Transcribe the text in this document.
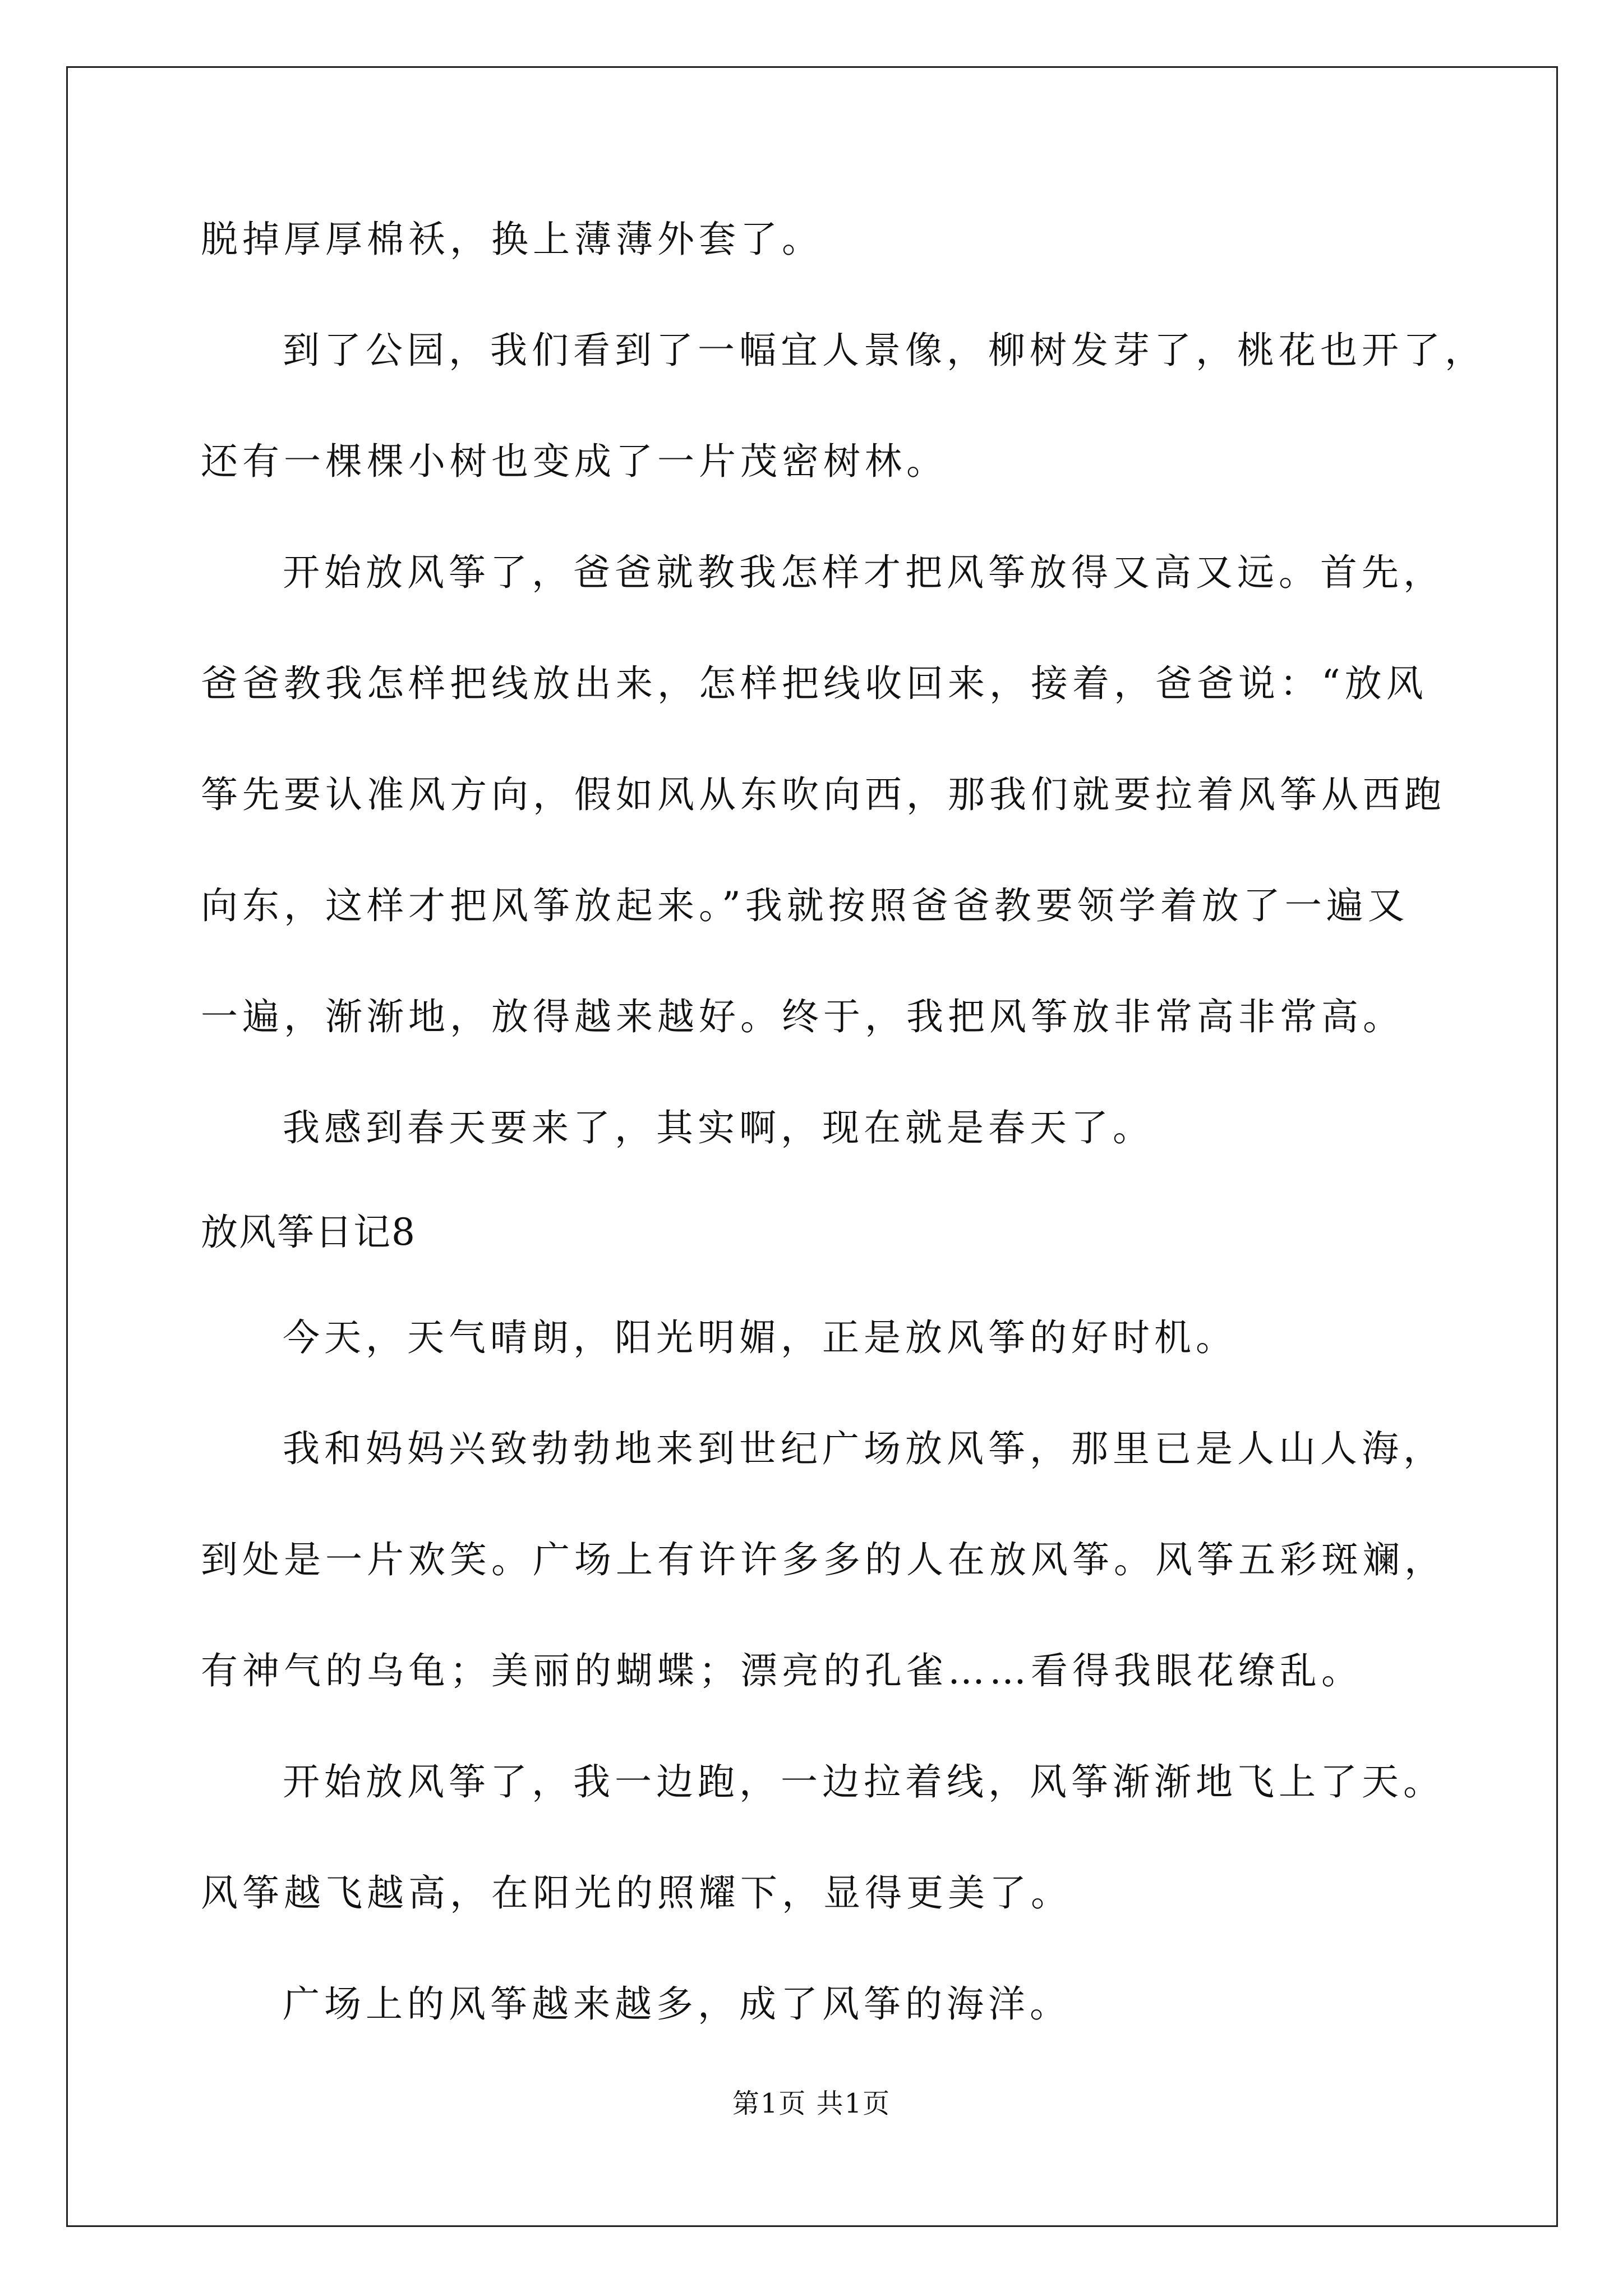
脱掉厚厚棉袄，换上薄薄外套了。
到了公园，我们看到了一幅宜人景像，柳树发芽了，桃花也开了，
还有一棵棵小树也变成了一片茂密树林。
开始放风筝了，爸爸就教我怎样才把风筝放得又高又远。首先，
爸爸教我怎样把线放出来，怎样把线收回来，接着，爸爸说：“放风
筝先要认准风方向，假如风从东吹向西，那我们就要拉着风筝从西跑
向东，这样才把风筝放起来。”我就按照爸爸教要领学着放了一遍又
一遍，渐渐地，放得越来越好。终于，我把风筝放非常高非常高。
我感到春天要来了，其实啊，现在就是春天了。
放风筝日记8
今天，天气晴朗，阳光明媚，正是放风筝的好时机。
我和妈妈兴致勃勃地来到世纪广场放风筝，那里已是人山人海，
到处是一片欢笑。广场上有许许多多的人在放风筝。风筝五彩斑斓，
有神气的乌龟；美丽的蝴蝶；漂亮的孔雀……看得我眼花缭乱。
开始放风筝了，我一边跑，一边拉着线，风筝渐渐地飞上了天。
风筝越飞越高，在阳光的照耀下，显得更美了。
广场上的风筝越来越多，成了风筝的海洋。
第1页 共1页
